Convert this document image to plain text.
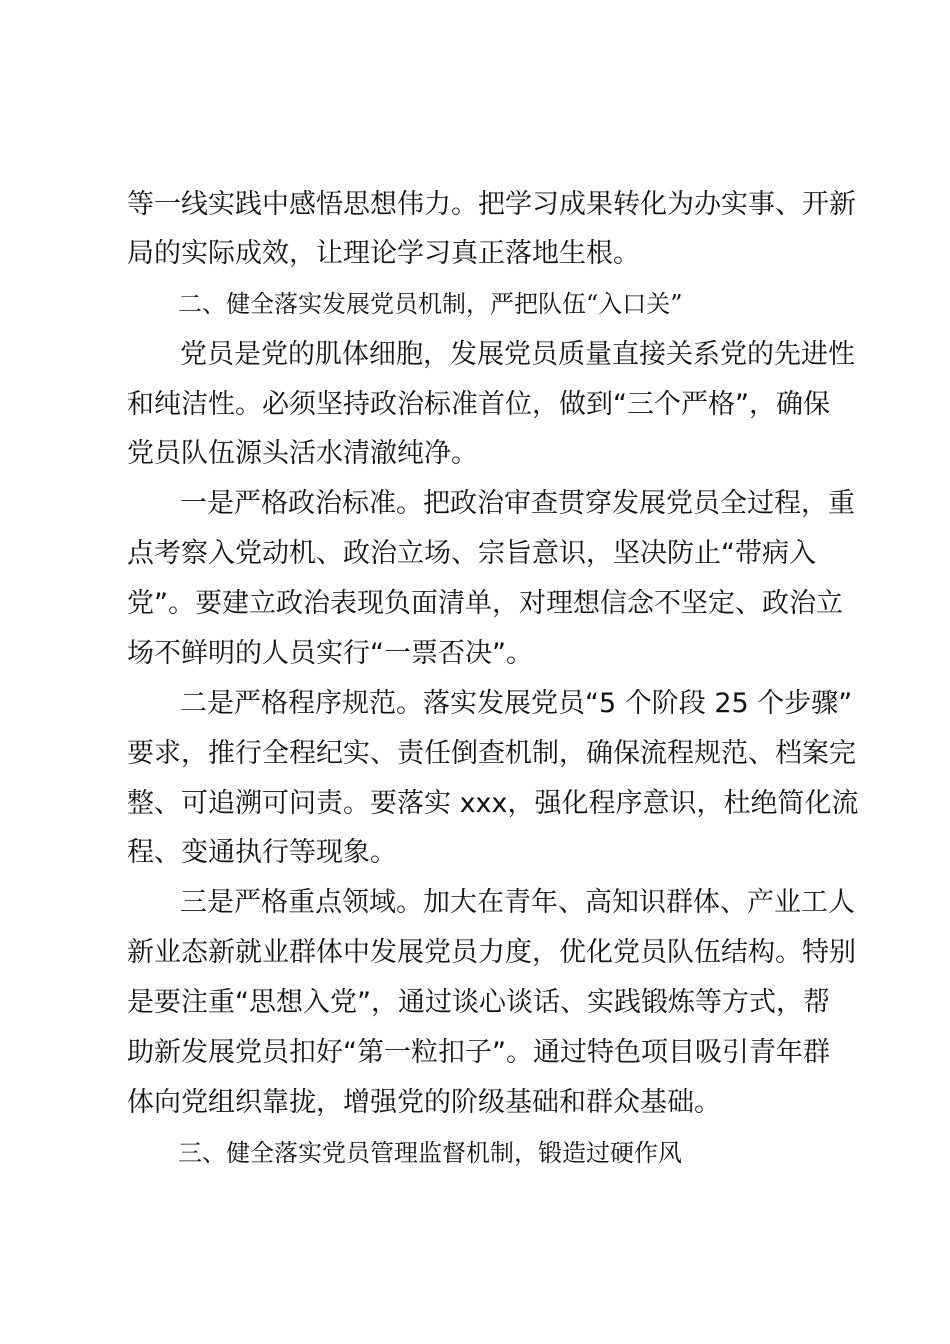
等一线实践中感悟思想伟力。把学习成果转化为办实事、开新
局的实际成效，让理论学习真正落地生根。
二、健全落实发展党员机制，严把队伍“入口关”
党员是党的肌体细胞，发展党员质量直接关系党的先进性
和纯洁性。必须坚持政治标准首位，做到“三个严格”，确保
党员队伍源头活水清澈纯净。
一是严格政治标准。把政治审查贯穿发展党员全过程，重
点考察入党动机、政治立场、宗旨意识，坚决防止“带病入
党”。要建立政治表现负面清单，对理想信念不坚定、政治立
场不鲜明的人员实行“一票否决”。
二是严格程序规范。落实发展党员“5 个阶段 25 个步骤”
要求，推行全程纪实、责任倒查机制，确保流程规范、档案完
整、可追溯可问责。要落实 xxx，强化程序意识，杜绝简化流
程、变通执行等现象。
三是严格重点领域。加大在青年、高知识群体、产业工人
新业态新就业群体中发展党员力度，优化党员队伍结构。特别
是要注重“思想入党”，通过谈心谈话、实践锻炼等方式，帮
助新发展党员扣好“第一粒扣子”。通过特色项目吸引青年群
体向党组织靠拢，增强党的阶级基础和群众基础。
三、健全落实党员管理监督机制，锻造过硬作风
